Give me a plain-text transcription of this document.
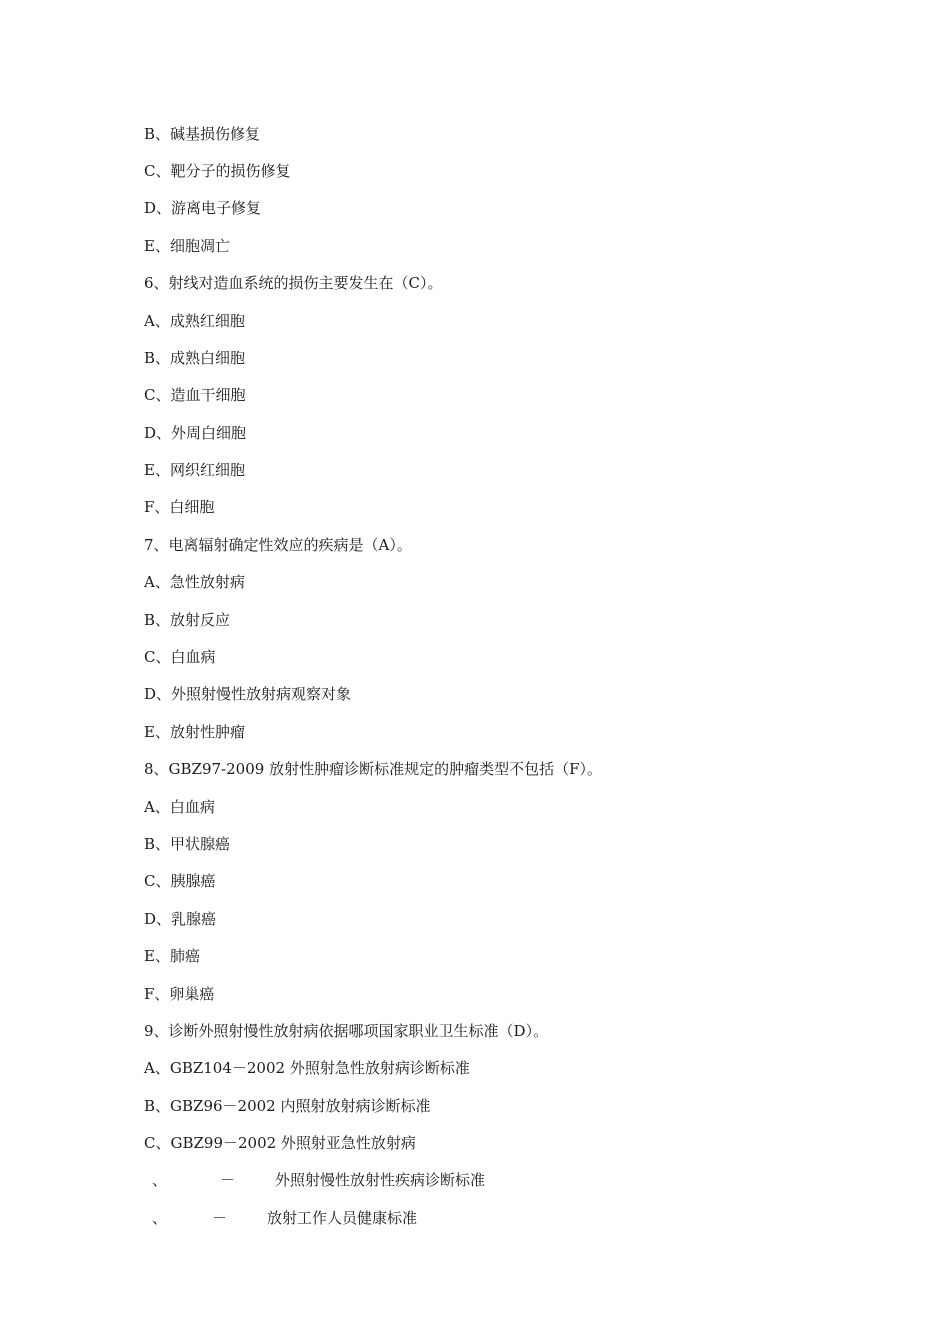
B、碱基损伤修复
C、靶分子的损伤修复
D、游离电子修复
E、细胞凋亡
6、射线对造血系统的损伤主要发生在（C）。
A、成熟红细胞
B、成熟白细胞
C、造血干细胞
D、外周白细胞
E、网织红细胞
F、白细胞
7、电离辐射确定性效应的疾病是（A）。
A、急性放射病
B、放射反应
C、白血病
D、外照射慢性放射病观察对象
E、放射性肿瘤
8、GBZ97-2009 放射性肿瘤诊断标准规定的肿瘤类型不包括（F）。
A、白血病
B、甲状腺癌
C、胰腺癌
D、乳腺癌
E、肺癌
F、卵巢癌
9、诊断外照射慢性放射病依据哪项国家职业卫生标准（D）。
A、GBZ104－2002 外照射急性放射病诊断标准
B、GBZ96－2002 内照射放射病诊断标准
C、GBZ99－2002 外照射亚急性放射病
、	－	外照射慢性放射性疾病诊断标准
、	－	放射工作人员健康标准
